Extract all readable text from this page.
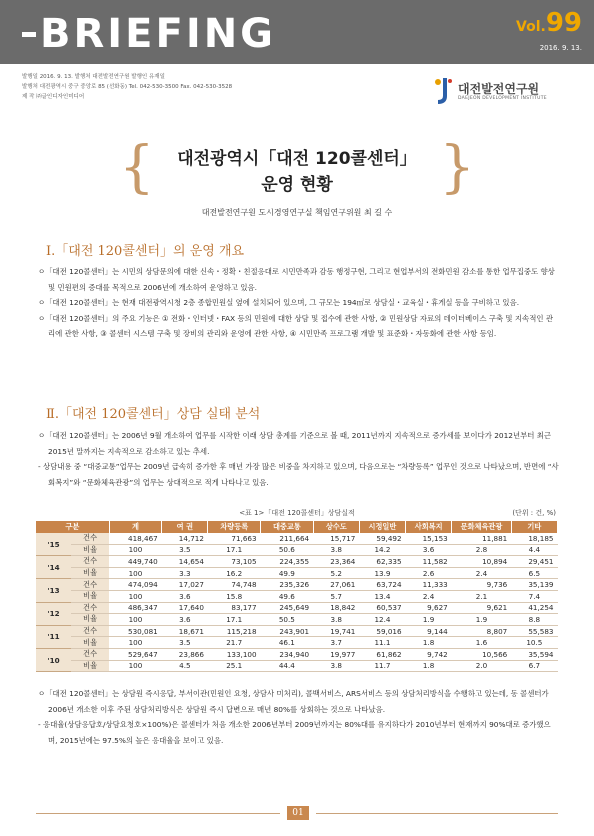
BRIEFING	Vol.99
2016. 9. 13.
발행일 2016. 9. 13. 발행처 대전발전연구원 발행인 유재일
발행처 대전광역시 중구 중앙로 85 (선화동) Tel. 042-530-3500 Fax. 042-530-3528
제 작 ㈜글인디자인미디어
대전발전연구원
DAEJEON DEVELOPMENT INSTITUTE
{	}
대전광역시「대전 120콜센터」
운영 현황
대전발전연구원 도시경영연구실 책임연구위원 최 길 수
Ⅰ.「대전 120콜센터」의 운영 개요

ㅇ「대전 120콜센터」는 시민의 상담문의에 대한 신속・정확・친절응대로 시민만족과 감동 행정구현, 그리고 현업부서의 전화민원 감소를 통한 업무집중도 향상 및 민원편의 증대를 목적으로 2006년에 개소하여 운영하고 있음.

ㅇ「대전 120콜센터」는 현재 대전광역시청 2층 종합민원실 옆에 설치되어 있으며, 그 규모는 194㎡로 상담실・교육실・휴게실 등을 구비하고 있음.

ㅇ「대전 120콜센터」의 주요 기능은 ① 전화・인터넷・FAX 등의 민원에 대한 상담 및 접수에 관한 사항, ② 민원상담 자료의 데이터베이스 구축 및 지속적인 관리에 관한 사항, ③ 콜센터 시스템 구축 및 장비의 관리와 운영에 관한 사항, ④ 시민만족 프로그램 개발 및 표준화・자동화에 관한 사항 등임.

Ⅱ.「대전 120콜센터」상담 실태 분석

ㅇ「대전 120콜센터」는 2006년 9월 개소하여 업무를 시작한 이래 상담 총계를 기준으로 볼 때, 2011년까지 지속적으로 증가세를 보이다가 2012년부터 최근 2015년 말까지는 지속적으로 감소하고 있는 추세.

- 상담내용 중 “대중교통”업무는 2009년 급속히 증가한 후 매년 가장 많은 비중을 차지하고 있으며, 다음으로는 “차량등록” 업무인 것으로 나타났으며, 반면에 “사회복지”와 “문화체육관광”의 업무는 상대적으로 적게 나타나고 있음.

<표 1>「대전 120콜센터」상담실적	(단위 : 건, %)
구분		계	여 권	차량등록	대중교통	상수도	시정일반	사회복지	문화체육관광	기타
'15	건수	418,467	14,712	71,663	211,664	15,717	59,492	15,153	11,881	18,185
	비율	100	3.5	17.1	50.6	3.8	14.2	3.6	2.8	4.4
'14	건수	449,740	14,654	73,105	224,355	23,364	62,335	11,582	10,894	29,451
	비율	100	3.3	16.2	49.9	5.2	13.9	2.6	2.4	6.5
'13	건수	474,094	17,027	74,748	235,326	27,061	63,724	11,333	9,736	35,139
	비율	100	3.6	15.8	49.6	5.7	13.4	2.4	2.1	7.4
'12	건수	486,347	17,640	83,177	245,649	18,842	60,537	9,627	9,621	41,254
	비율	100	3.6	17.1	50.5	3.8	12.4	1.9	1.9	8.8
'11	건수	530,081	18,671	115,218	243,901	19,741	59,016	9,144	8,807	55,583
	비율	100	3.5	21.7	46.1	3.7	11.1	1.8	1.6	10.5
'10	건수	529,647	23,866	133,100	234,940	19,977	61,862	9,742	10,566	35,594
	비율	100	4.5	25.1	44.4	3.8	11.7	1.8	2.0	6.7

ㅇ「대전 120콜센터」는 상담원 즉시응답, 부서이관(민원인 요청, 상담사 미처리), 콜백서비스, ARS서비스 등의 상담처리방식을 수행하고 있는데, 동 콜센터가 2006년 개소한 이후 주된 상담처리방식은 상담원 즉시 답변으로 매년 80%를 상회하는 것으로 나타났음.

- 응대율(상담응답호/상담요청호×100%)은 콜센터가 처음 개소한 2006년부터 2009년까지는 80%대를 유지하다가 2010년부터 현재까지 90%대로 증가했으며, 2015년에는 97.5%의 높은 응대율을 보이고 있음.

01
